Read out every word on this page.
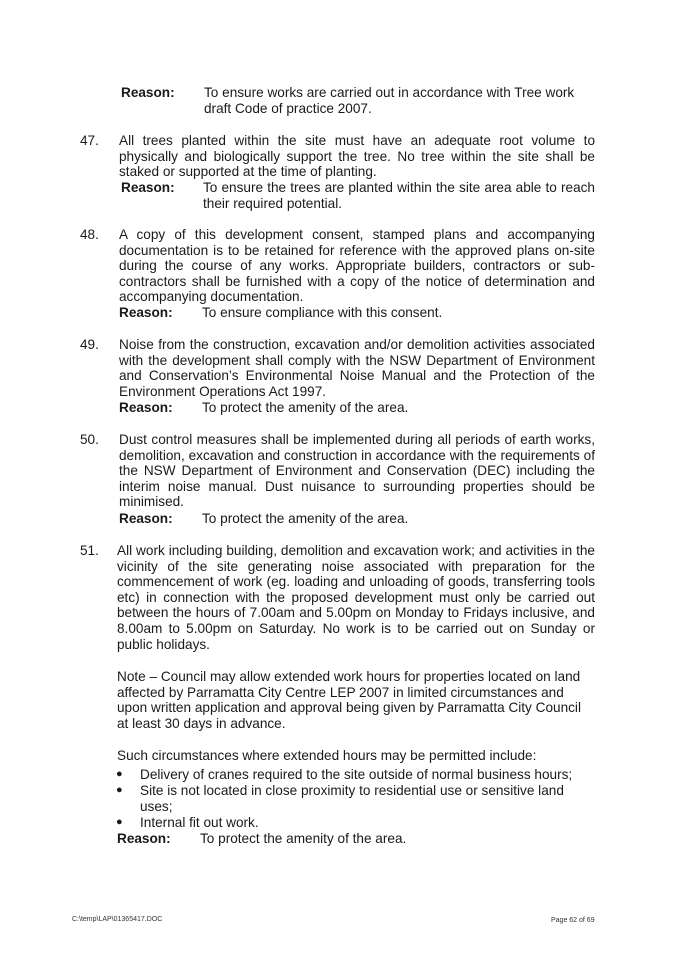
Reason: To ensure works are carried out in accordance with Tree work draft Code of practice 2007.
47. All trees planted within the site must have an adequate root volume to physically and biologically support the tree. No tree within the site shall be staked or supported at the time of planting.
Reason: To ensure the trees are planted within the site area able to reach their required potential.
48. A copy of this development consent, stamped plans and accompanying documentation is to be retained for reference with the approved plans on-site during the course of any works. Appropriate builders, contractors or sub-contractors shall be furnished with a copy of the notice of determination and accompanying documentation.
Reason: To ensure compliance with this consent.
49. Noise from the construction, excavation and/or demolition activities associated with the development shall comply with the NSW Department of Environment and Conservation’s Environmental Noise Manual and the Protection of the Environment Operations Act 1997.
Reason: To protect the amenity of the area.
50. Dust control measures shall be implemented during all periods of earth works, demolition, excavation and construction in accordance with the requirements of the NSW Department of Environment and Conservation (DEC) including the interim noise manual. Dust nuisance to surrounding properties should be minimised.
Reason: To protect the amenity of the area.
51. All work including building, demolition and excavation work; and activities in the vicinity of the site generating noise associated with preparation for the commencement of work (eg. loading and unloading of goods, transferring tools etc) in connection with the proposed development must only be carried out between the hours of 7.00am and 5.00pm on Monday to Fridays inclusive, and 8.00am to 5.00pm on Saturday. No work is to be carried out on Sunday or public holidays.
Note – Council may allow extended work hours for properties located on land affected by Parramatta City Centre LEP 2007 in limited circumstances and upon written application and approval being given by Parramatta City Council at least 30 days in advance.
Such circumstances where extended hours may be permitted include:
● Delivery of cranes required to the site outside of normal business hours;
● Site is not located in close proximity to residential use or sensitive land uses;
● Internal fit out work.
Reason: To protect the amenity of the area.
C:\temp\LAP\01365417.DOC	Page 62 of 69
